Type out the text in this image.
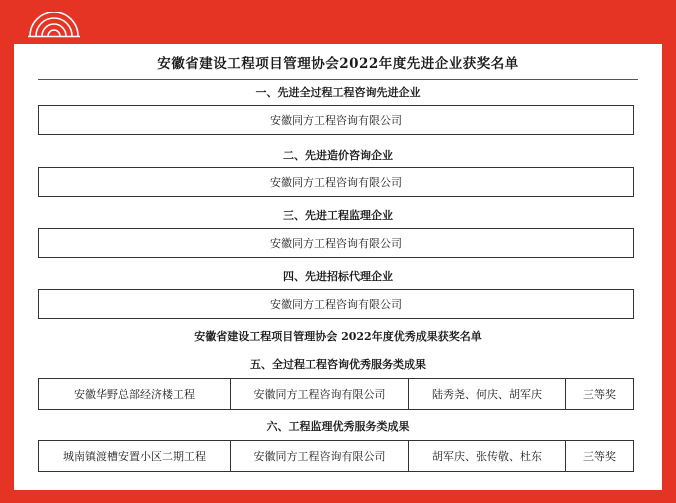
安徽省建设工程项目管理协会2022年度先进企业获奖名单
一、先进全过程工程咨询先进企业
安徽同方工程咨询有限公司
二、先进造价咨询企业
安徽同方工程咨询有限公司
三、先进工程监理企业
安徽同方工程咨询有限公司
四、先进招标代理企业
安徽同方工程咨询有限公司
安徽省建设工程项目管理协会 2022年度优秀成果获奖名单
五、全过程工程咨询优秀服务类成果
安徽华野总部经济楼工程	安徽同方工程咨询有限公司	陆秀尧、何庆、胡军庆	三等奖
六、工程监理优秀服务类成果
城南镇渡槽安置小区二期工程	安徽同方工程咨询有限公司	胡军庆、张传敬、杜东	三等奖
